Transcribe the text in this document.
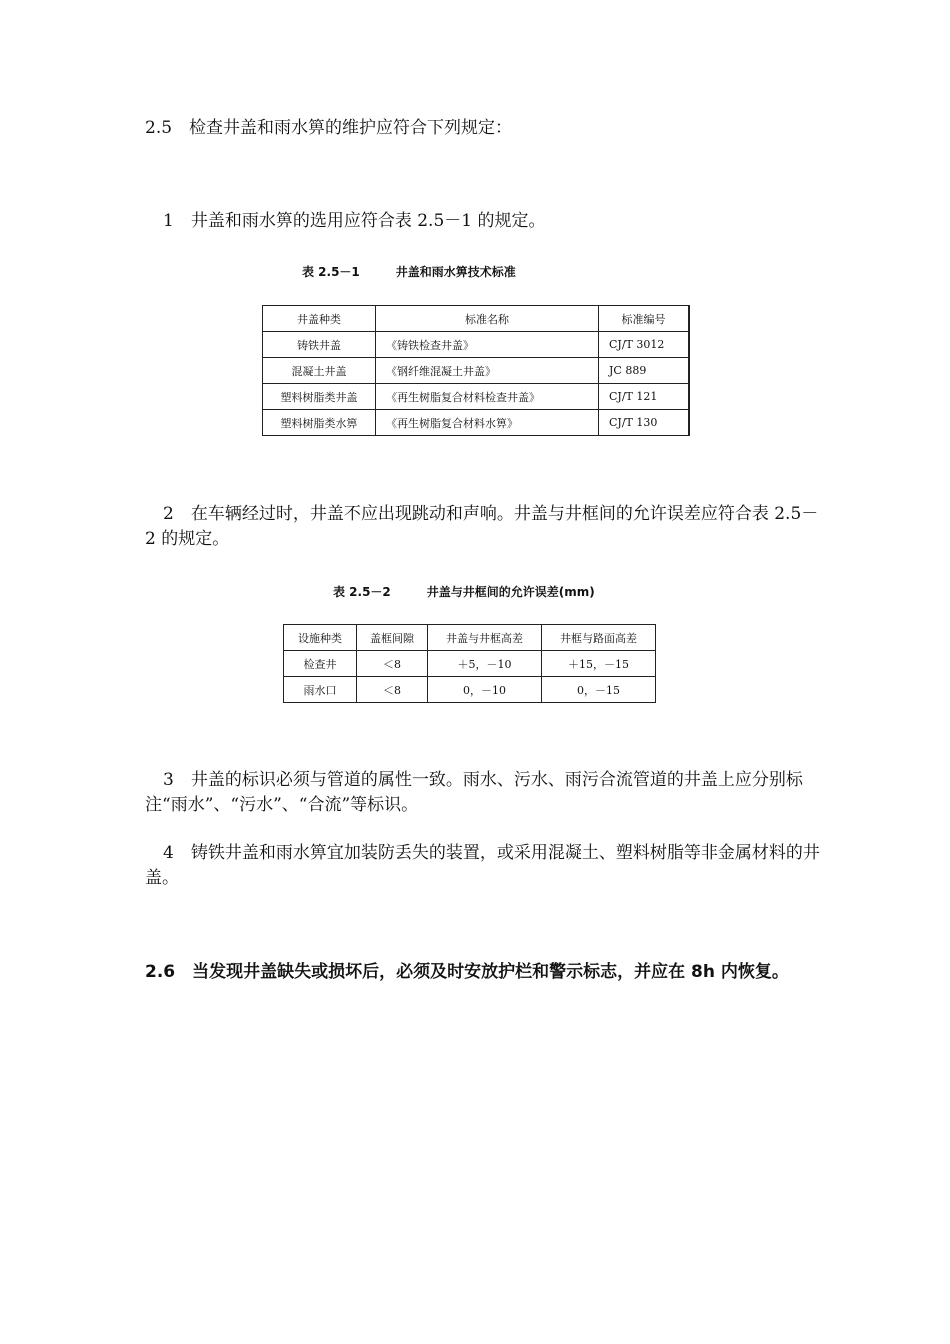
2.5　检查井盖和雨水箅的维护应符合下列规定：

1　井盖和雨水箅的选用应符合表 2.5－1 的规定。

表 2.5－1　　　井盖和雨水箅技术标准
井盖种类	标准名称	标准编号
铸铁井盖	《铸铁检查井盖》	CJ/T 3012
混凝土井盖	《钢纤维混凝土井盖》	JC 889
塑料树脂类井盖	《再生树脂复合材料检查井盖》	CJ/T 121
塑料树脂类水箅	《再生树脂复合材料水箅》	CJ/T 130

2　在车辆经过时，井盖不应出现跳动和声响。井盖与井框间的允许误差应符合表 2.5－2 的规定。

表 2.5－2　　　井盖与井框间的允许误差(mm)
设施种类	盖框间隙	井盖与井框高差	井框与路面高差
检查井	＜8	＋5，－10	＋15，－15
雨水口	＜8	0，－10	0，－15

3　井盖的标识必须与管道的属性一致。雨水、污水、雨污合流管道的井盖上应分别标注“雨水”、“污水”、“合流”等标识。

4　铸铁井盖和雨水箅宜加装防丢失的装置，或采用混凝土、塑料树脂等非金属材料的井盖。

2.6　当发现井盖缺失或损坏后，必须及时安放护栏和警示标志，并应在 8h 内恢复。
